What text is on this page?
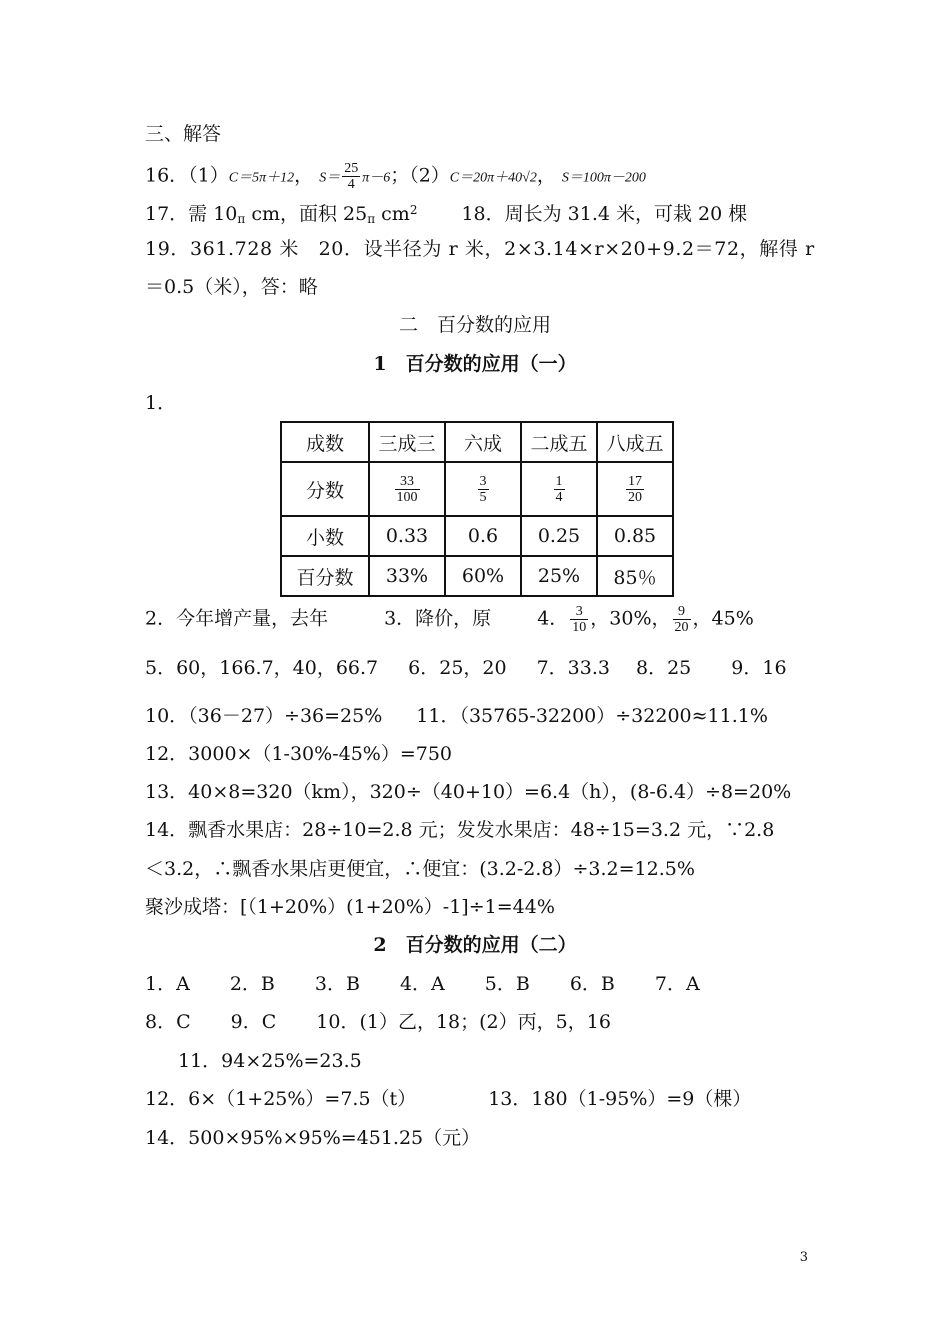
三、解答
16．（1）C＝5π＋12， $S= \frac{25}{4} \pi-6$；（2）C＝20π＋40√2， S＝100π－200
17．需 $10_\pi$ cm，面积 $25_\pi$ $cm^2$ 18．周长为 31.4 米，可栽 20 棵
19．361.728 米　20．设半径为 r 米，2×3.14×r×20+9.2＝72，解得 r
＝0.5（米），答：略
二　百分数的应用
1　百分数的应用（一）
1．
成数	三成三	六成	二成五	八成五
分数	$\frac{33}{100}$	$\frac{3}{5}$	$\frac{1}{4}$	$\frac{17}{20}$

小数	0.33	0.6	0.25	0.85
百分数	33%	60%	25%	85％
2．今年增产量，去年	3．降价，原 4． $\frac{3}{10}$ ，30%， $\frac{9}{20}$ ，45%
5．60，166.7，40，66.7 6．25，20 7．33.3 8．25 9．16
10．（36－27）÷36=25% 11．（35765-32200）÷32200≈11.1%
12．3000×（1-30%-45%）=750
13．40×8=320（km），320÷（40+10）=6.4（h），(8-6.4）÷8=20%
14．飘香水果店：28÷10=2.8 元；发发水果店：48÷15=3.2 元，∵2.8
＜3.2，∴飘香水果店更便宜，∴便宜：(3.2-2.8）÷3.2=12.5%
聚沙成塔：[（1+20%）(1+20%）-1]÷1=44%
2　百分数的应用（二）
1．A 2．B 3．B 4．A 5．B 6．B 7．A
8．C 9．C 10．(1）乙，18；(2）丙，5，16
11．94×25%=23.5
12．6×（1+25%）=7.5（t）	13．180（1-95%）=9（棵）
14．500×95%×95%=451.25（元）
3
